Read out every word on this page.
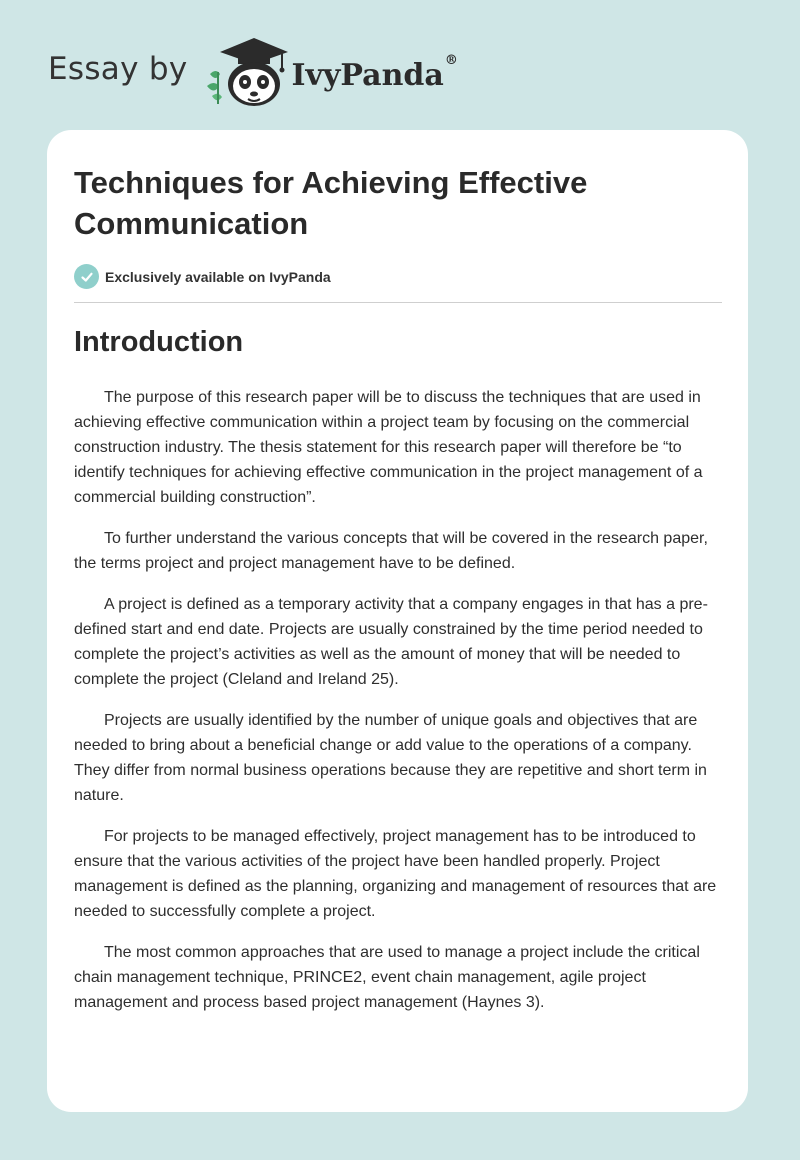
Essay by	IvyPanda®
Techniques for Achieving Effective Communication
Exclusively available on IvyPanda
Introduction

The purpose of this research paper will be to discuss the techniques that are used in achieving effective communication within a project team by focusing on the commercial construction industry. The thesis statement for this research paper will therefore be “to identify techniques for achieving effective communication in the project management of a commercial building construction”.

To further understand the various concepts that will be covered in the research paper, the terms project and project management have to be defined.

A project is defined as a temporary activity that a company engages in that has a pre-defined start and end date. Projects are usually constrained by the time period needed to complete the project’s activities as well as the amount of money that will be needed to complete the project (Cleland and Ireland 25).

Projects are usually identified by the number of unique goals and objectives that are needed to bring about a beneficial change or add value to the operations of a company. They differ from normal business operations because they are repetitive and short term in nature.

For projects to be managed effectively, project management has to be introduced to ensure that the various activities of the project have been handled properly. Project management is defined as the planning, organizing and management of resources that are needed to successfully complete a project.

The most common approaches that are used to manage a project include the critical chain management technique, PRINCE2, event chain management, agile project management and process based project management (Haynes 3).
